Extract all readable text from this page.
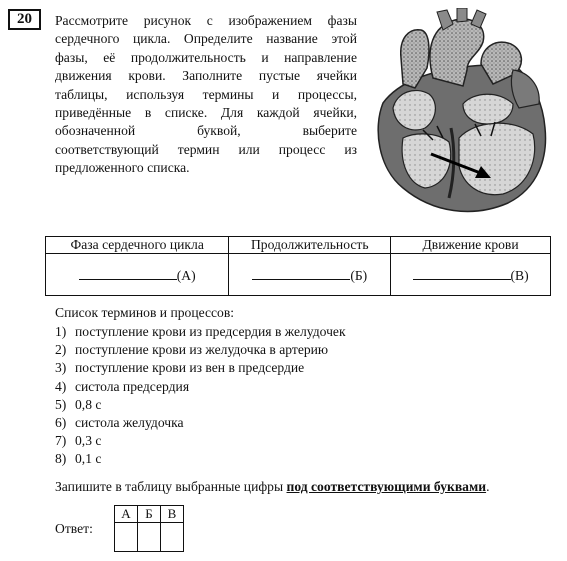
20	Рассмотрите рисунок с изображением фазы
сердечного цикла. Определите название этой
фазы, её продолжительность и направление
движения крови. Заполните пустые ячейки
таблицы, используя термины и процессы,
приведённые в списке. Для каждой ячейки,
обозначенной буквой, выберите
соответствующий термин или процесс из
предложенного списка.
Фаза сердечного цикла	Продолжительность	Движение крови
(А)	(Б)	(В)
Список терминов и процессов:
1) поступление крови из предсердия в желудочек
2) поступление крови из желудочка в артерию
3) поступление крови из вен в предсердие
4) систола предсердия
5) 0,8 с
6) систола желудочка
7) 0,3 с
8) 0,1 с
Запишите в таблицу выбранные цифры под соответствующими буквами.
Ответ:
А	Б	В
